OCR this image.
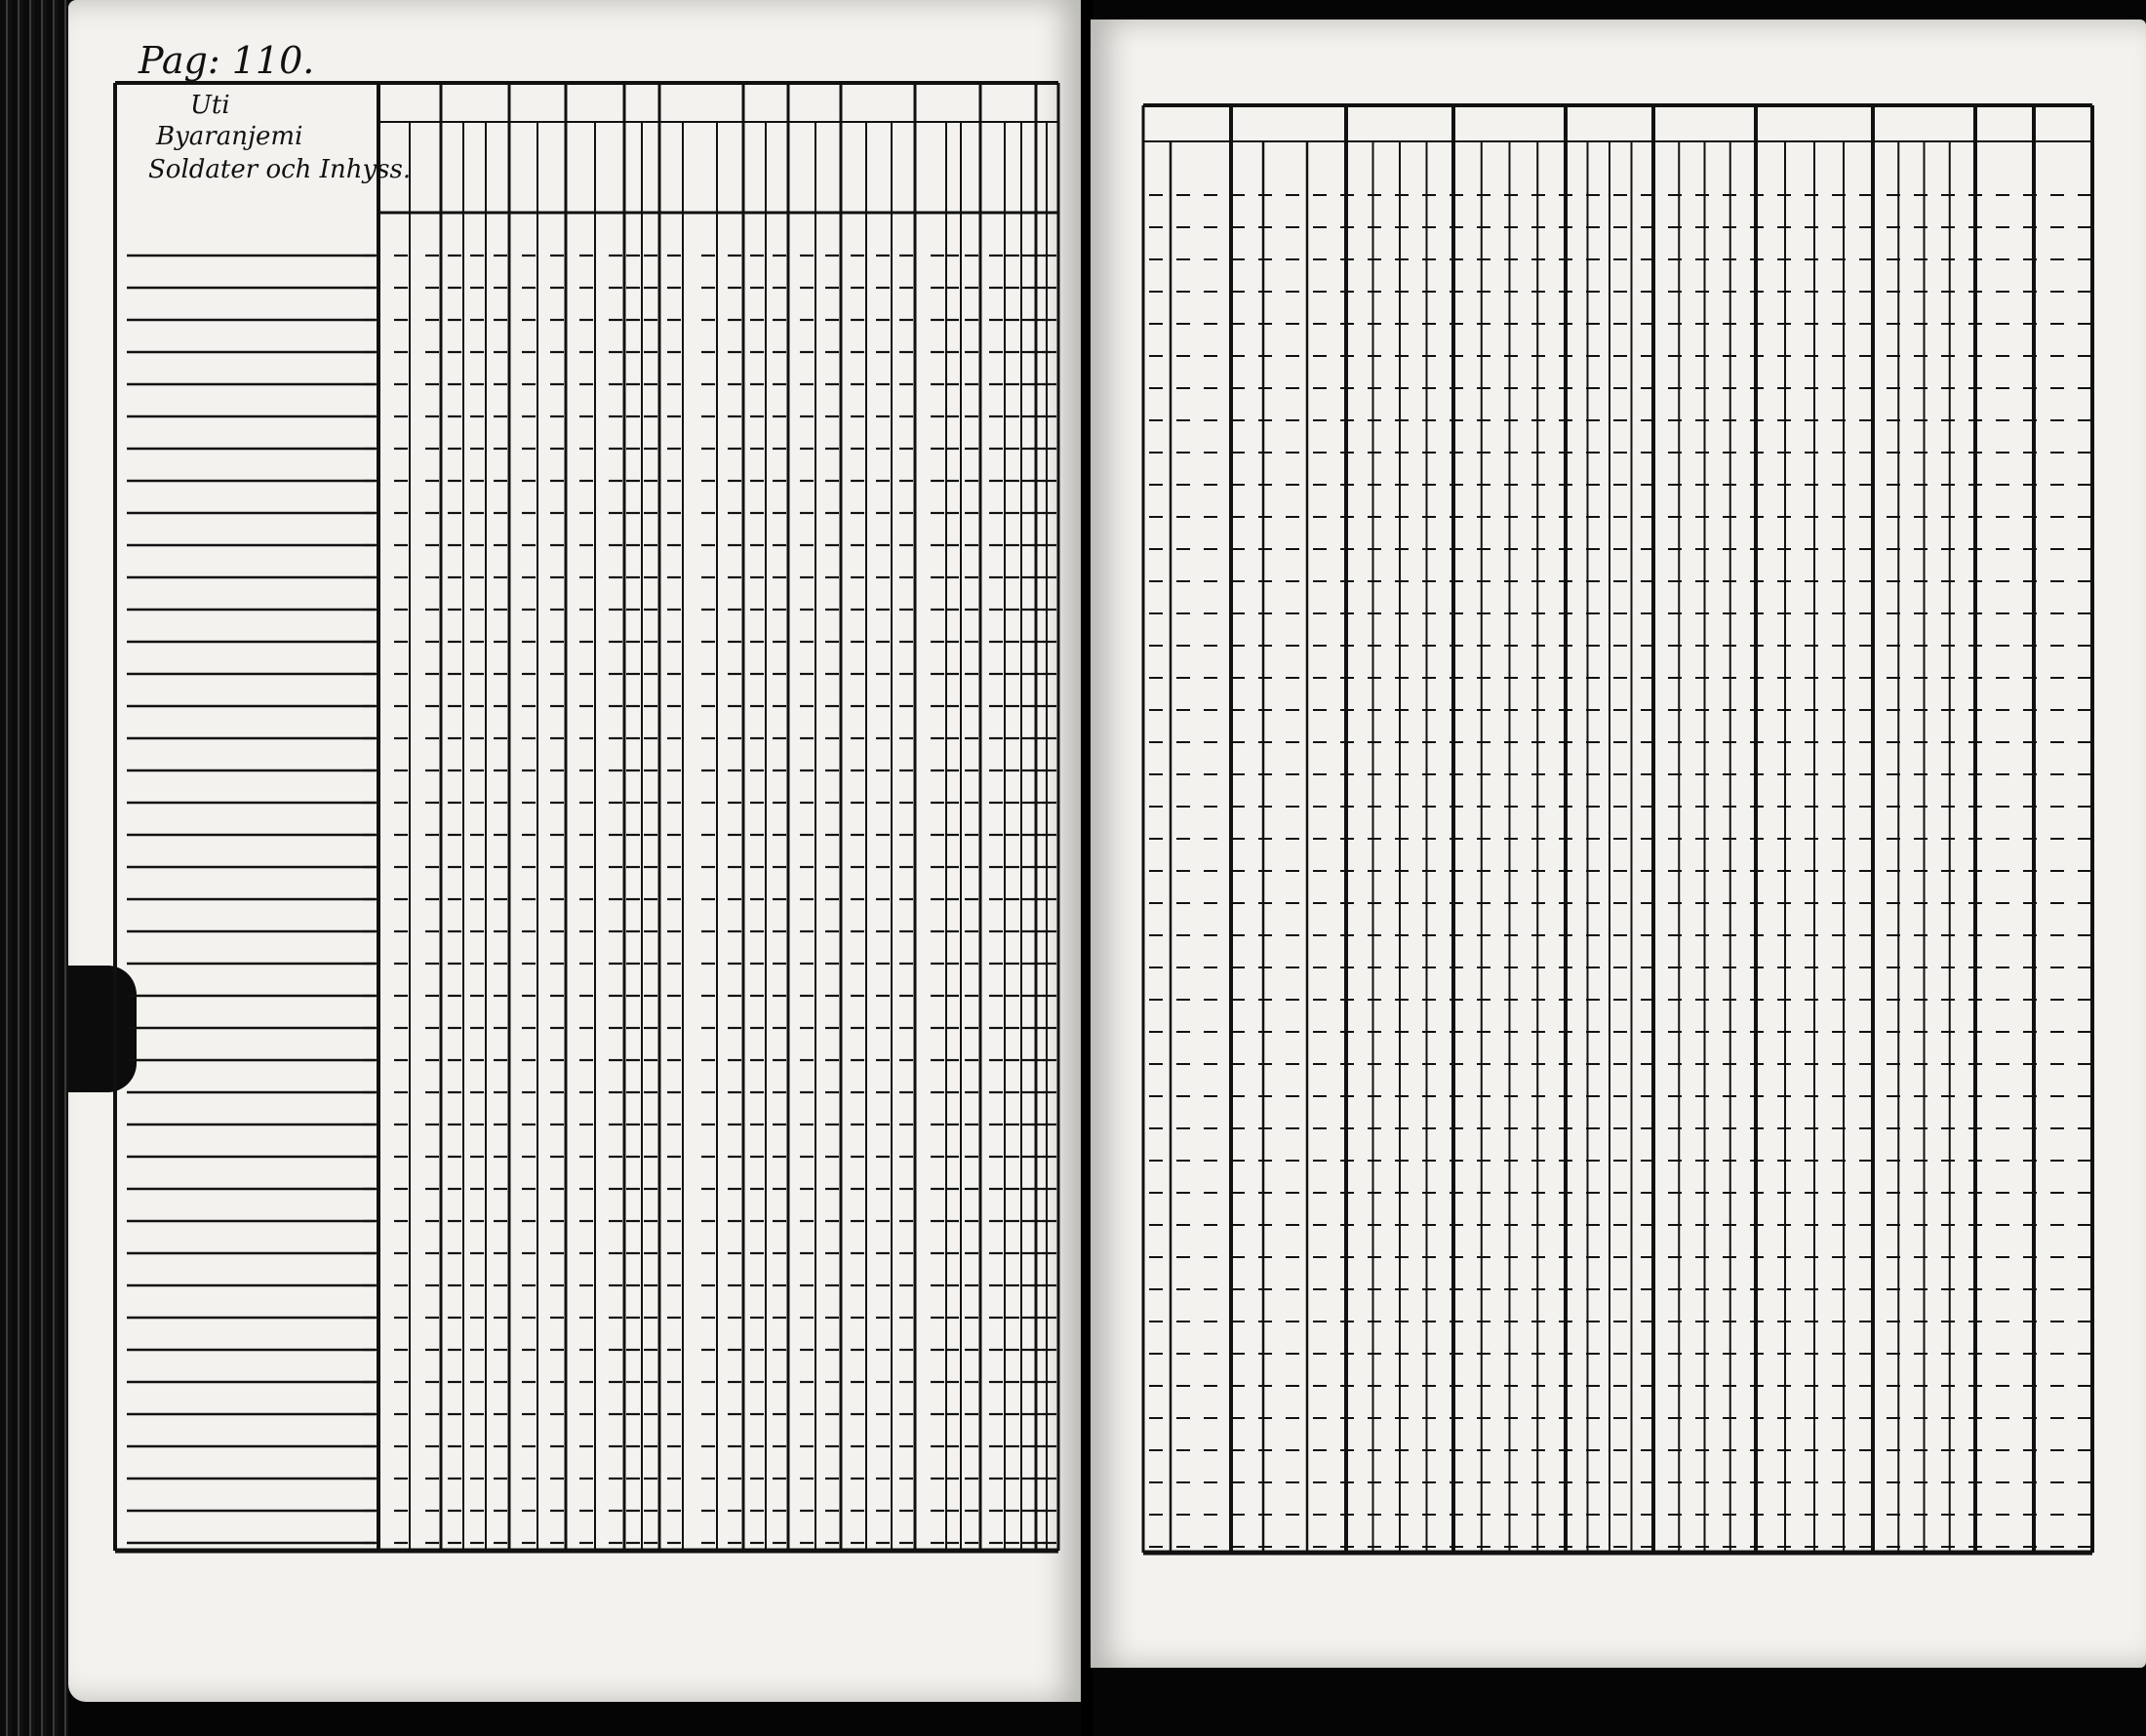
Pag: 110.
Uti
Byaranjemi
Soldater och Inhyss.
